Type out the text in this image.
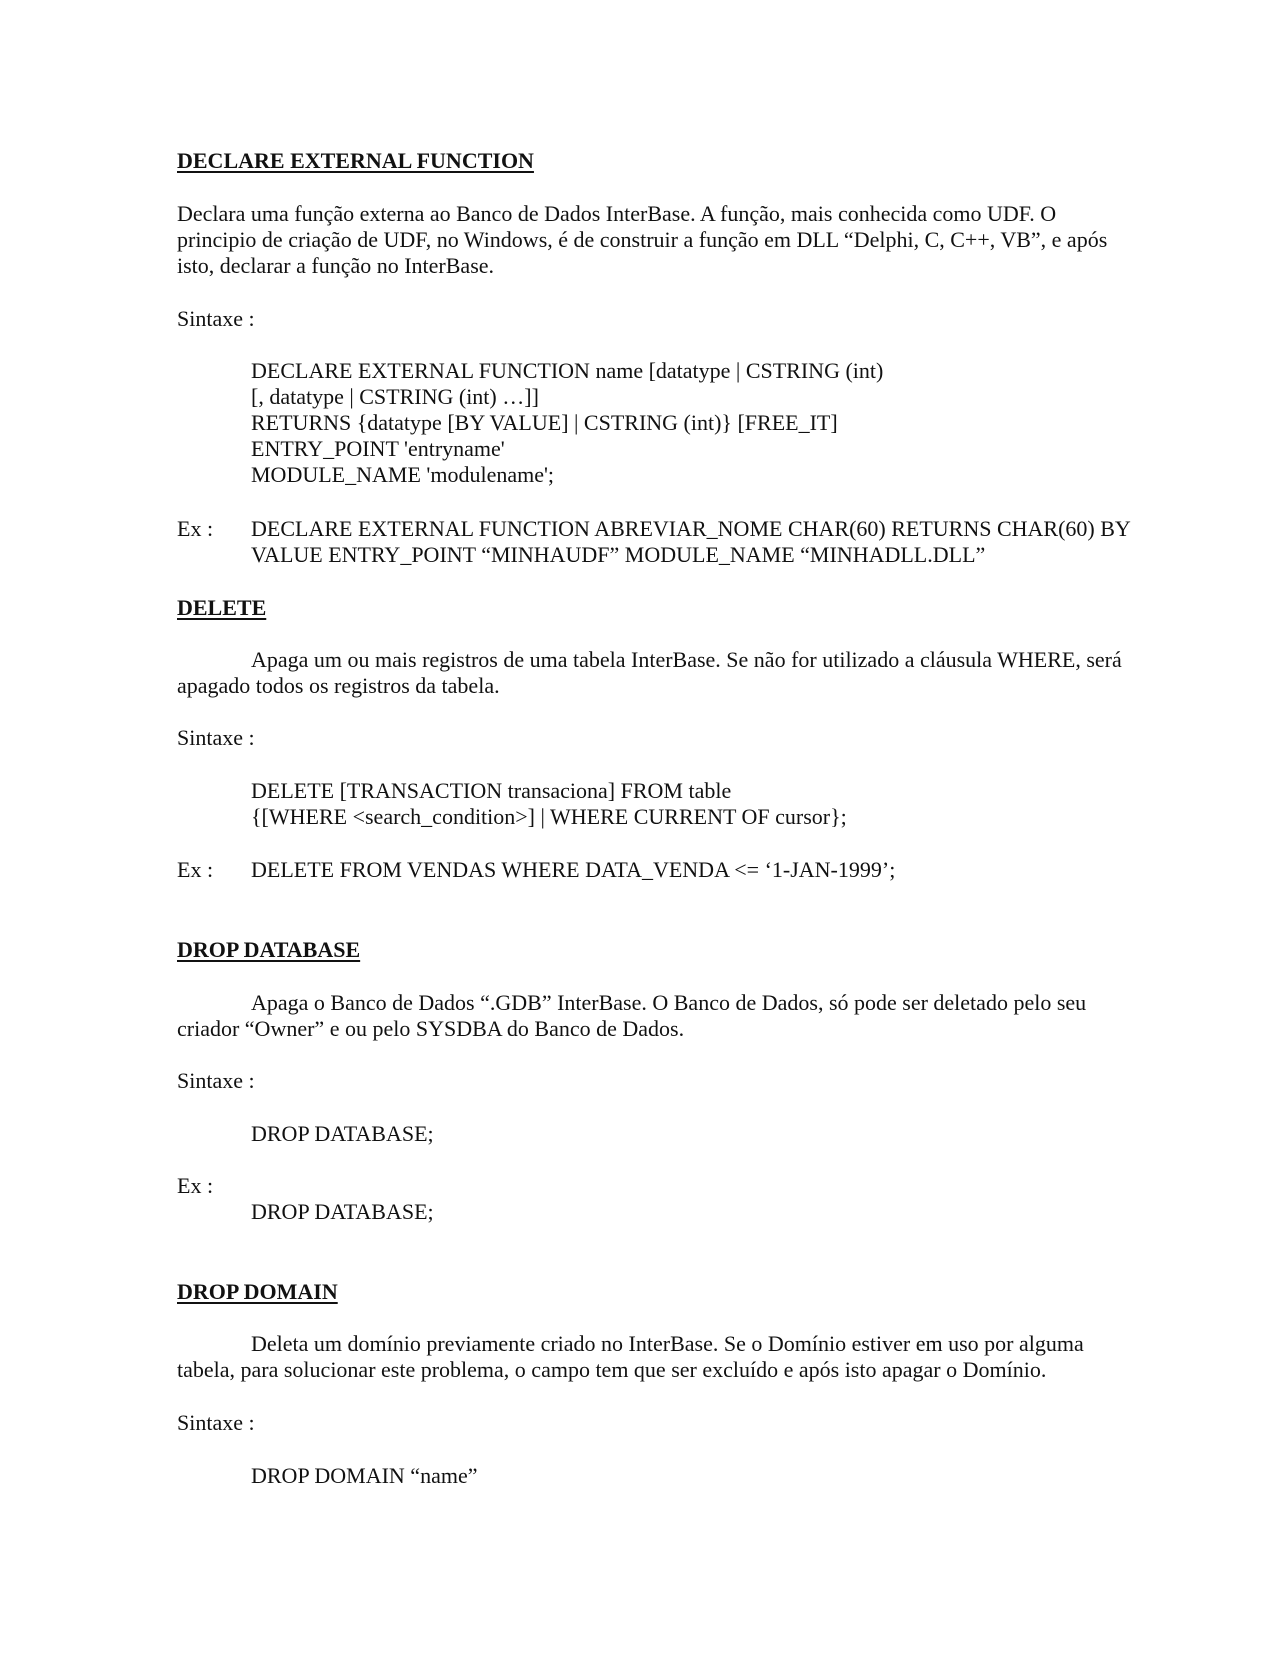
DECLARE EXTERNAL FUNCTION
Declara uma função externa ao Banco de Dados InterBase. A função, mais conhecida como UDF. O
principio de criação de UDF, no Windows, é de construir a função em DLL “Delphi, C, C++, VB”, e após
isto, declarar a função no InterBase.
Sintaxe :
DECLARE EXTERNAL FUNCTION name [datatype | CSTRING (int)
[, datatype | CSTRING (int) …]]
RETURNS {datatype [BY VALUE] | CSTRING (int)} [FREE_IT]
ENTRY_POINT 'entryname'
MODULE_NAME 'modulename';
Ex : DECLARE EXTERNAL FUNCTION ABREVIAR_NOME CHAR(60) RETURNS CHAR(60) BY
VALUE ENTRY_POINT “MINHAUDF” MODULE_NAME “MINHADLL.DLL”
DELETE
Apaga um ou mais registros de uma tabela InterBase. Se não for utilizado a cláusula WHERE, será
apagado todos os registros da tabela.
Sintaxe :
DELETE [TRANSACTION transaciona] FROM table
{[WHERE <search_condition>] | WHERE CURRENT OF cursor};
Ex : DELETE FROM VENDAS WHERE DATA_VENDA <= ‘1-JAN-1999’;
DROP DATABASE
Apaga o Banco de Dados “.GDB” InterBase. O Banco de Dados, só pode ser deletado pelo seu
criador “Owner” e ou pelo SYSDBA do Banco de Dados.
Sintaxe :
DROP DATABASE;
Ex :
DROP DATABASE;
DROP DOMAIN
Deleta um domínio previamente criado no InterBase. Se o Domínio estiver em uso por alguma
tabela, para solucionar este problema, o campo tem que ser excluído e após isto apagar o Domínio.
Sintaxe :
DROP DOMAIN “name”
